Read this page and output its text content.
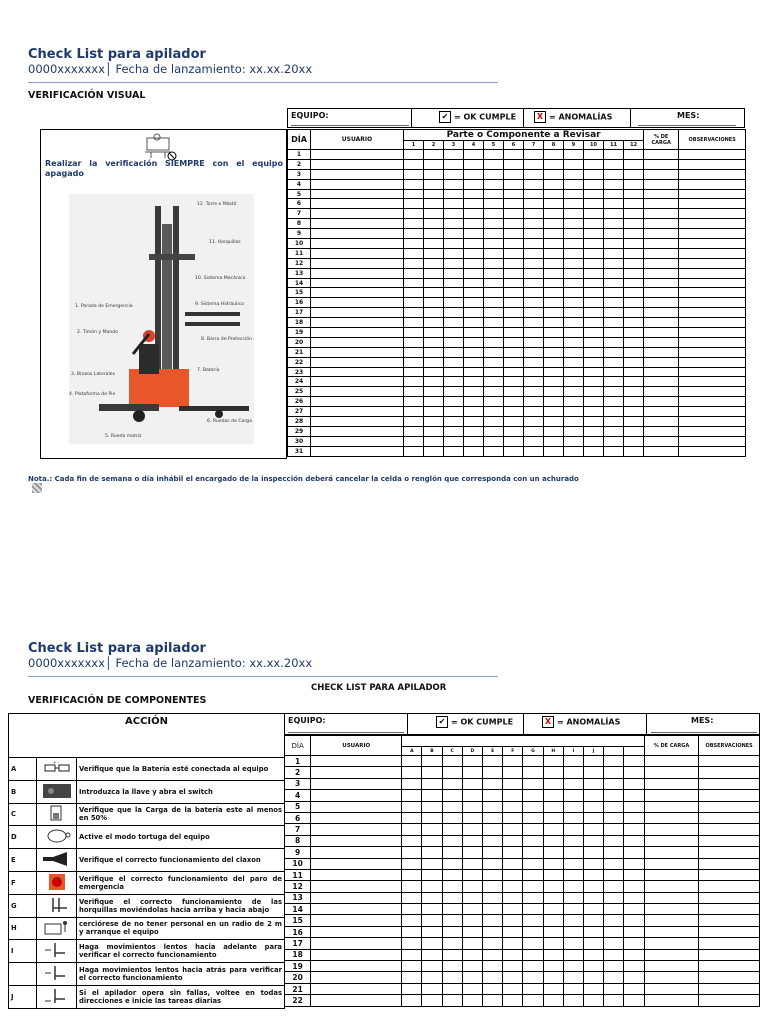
Check List para apilador
0000xxxxxxx│ Fecha de lanzamiento: xx.xx.20xx
VERIFICACIÓN VISUAL
EQUIPO:	✔ = OK CUMPLE	X = ANOMALÍAS	MES:
Realizar la verificación SIEMPRE con el equipo apagado
12. Torre o Mástil
11. Horquillas
10. Sistema Mecánico
9. Sistema Hidráulico
8. Barra de Protección
7. Batería
6. Ruedas de Carga
5. Rueda motriz
4. Plataforma de Pie
3. Brazos Laterales
2. Timón y Mando
1. Parada de Emergencia
DÍA	USUARIO	Parte o Componente a Revisar												% DE CARGA	OBSERVACIONES
		1	2	3	4	5	6	7	8	9	10	11	12		
1															
2															
3															
4															
5															
6															
7															
8															
9															
10															
11															
12															
13															
14															
15															
16															
17															
18															
19															
20															
21															
22															
23															
24															
25															
26															
27															
28															
29															
30															
31															
Nota.: Cada fin de semana o día inhábil el encargado de la inspección deberá cancelar la celda o renglón que corresponda con un achurado
Check List para apilador
0000xxxxxxx│ Fecha de lanzamiento: xx.xx.20xx
CHECK LIST PARA APILADOR
VERIFICACIÓN DE COMPONENTES
EQUIPO:	✔ = OK CUMPLE	X = ANOMALÍAS	MES:
ACCIÓN		
A	+ -	Verifique que la Batería esté conectada al equipo
B		Introduzca la llave y abra el switch
C		Verifique que la Carga de la batería este al menos en 50%
D		Active el modo tortuga del equipo
E		Verifique el correcto funcionamiento del claxon
F		Verifique el correcto funcionamiento del paro de emergencia
G		Verifique el correcto funcionamiento de las horquillas moviéndolas hacia arriba y hacia abajo
H		cerciórese de no tener personal en un radio de 2 m y arranque el equipo
I		Haga movimientos lentos hacia adelante para verificar el correcto funcionamiento
		Haga movimientos lentos hacia atrás para verificar el correcto funcionamiento
J		Si el apilador opera sin fallas, voltee en todas direcciones e inicie las tareas diarias
DÍA	USUARIO													% DE CARGA	OBSERVACIONES
		A	B	C	D	E	F	G	H	I	J				
1															
2															
3															
4															
5															
6															
7															
8															
9															
10															
11															
12															
13															
14															
15															
16															
17															
18															
19															
20															
21															
22															
